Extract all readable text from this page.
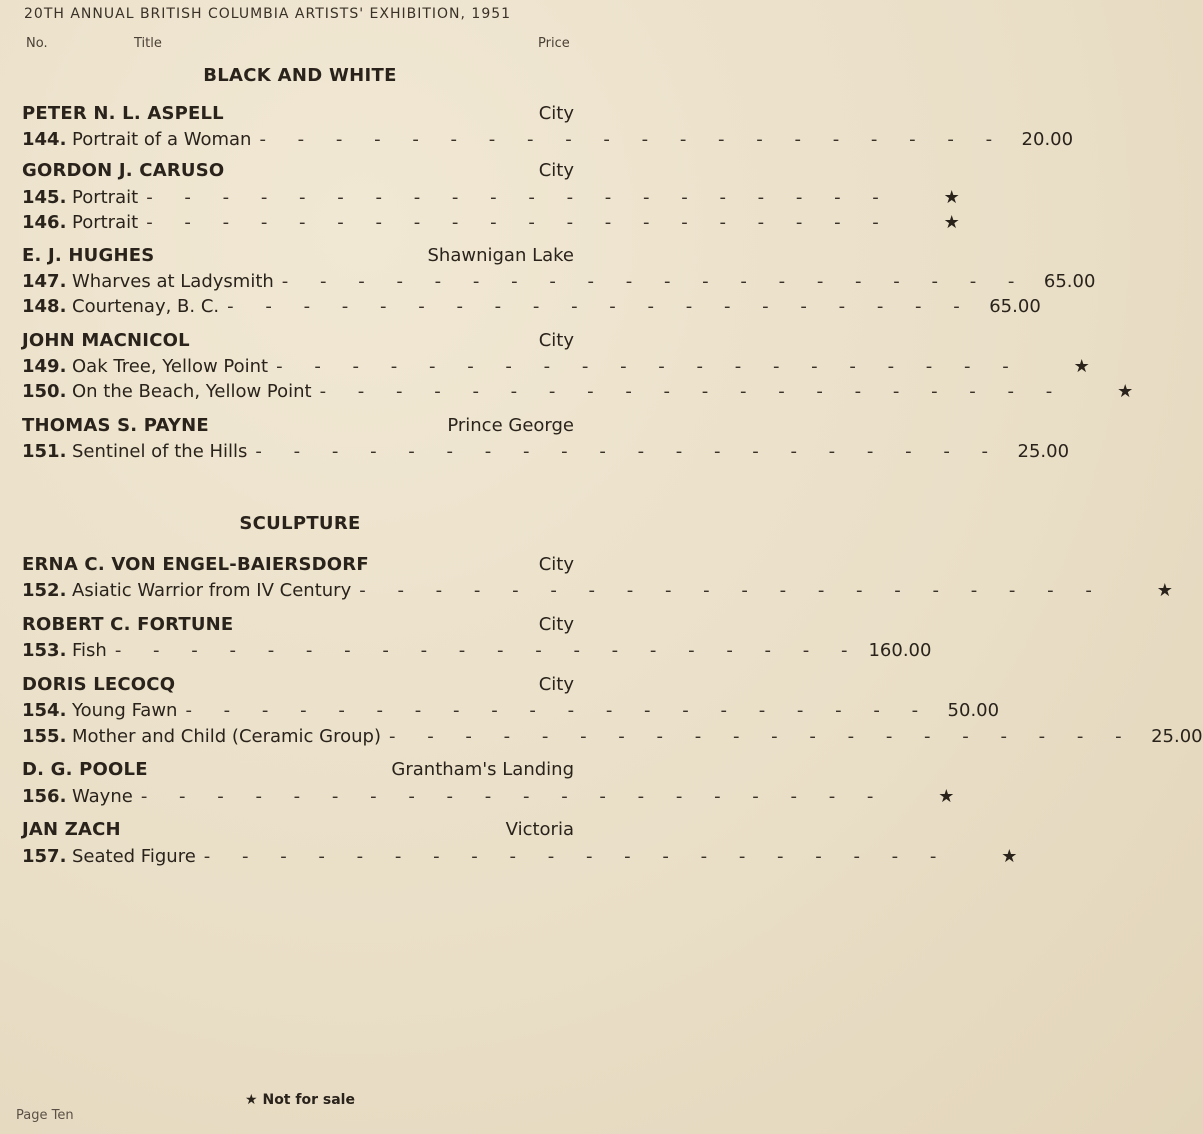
20TH ANNUAL BRITISH COLUMBIA ARTISTS' EXHIBITION, 1951
No.	Title	Price
BLACK AND WHITE
PETER N. L. ASPELL	City
144. Portrait of a Woman - - - - - - - - - - - - - - - - - - - - 20.00
GORDON J. CARUSO	City
145. Portrait - - - - - - - - - - - - - - - - - - - -	★
146. Portrait - - - - - - - - - - - - - - - - - - - -	★
E. J. HUGHES	Shawnigan Lake
147. Wharves at Ladysmith - - - - - - - - - - - - - - - - - - - - 65.00
148. Courtenay, B. C. - - - - - - - - - - - - - - - - - - - - 65.00
JOHN MACNICOL	City
149. Oak Tree, Yellow Point - - - - - - - - - - - - - - - - - - - -	★
150. On the Beach, Yellow Point - - - - - - - - - - - - - - - - - - - -	★
THOMAS S. PAYNE	Prince George
151. Sentinel of the Hills - - - - - - - - - - - - - - - - - - - - 25.00
SCULPTURE
ERNA C. VON ENGEL-BAIERSDORF	City
152. Asiatic Warrior from IV Century - - - - - - - - - - - - - - - - - - - -	★
ROBERT C. FORTUNE	City
153. Fish - - - - - - - - - - - - - - - - - - - - 160.00
DORIS LECOCQ	City
154. Young Fawn - - - - - - - - - - - - - - - - - - - - 50.00
155. Mother and Child (Ceramic Group) - - - - - - - - - - - - - - - - - - - - 25.00
D. G. POOLE	Grantham's Landing
156. Wayne - - - - - - - - - - - - - - - - - - - -	★
JAN ZACH	Victoria
157. Seated Figure - - - - - - - - - - - - - - - - - - - -	★
★ Not for sale
Page Ten
